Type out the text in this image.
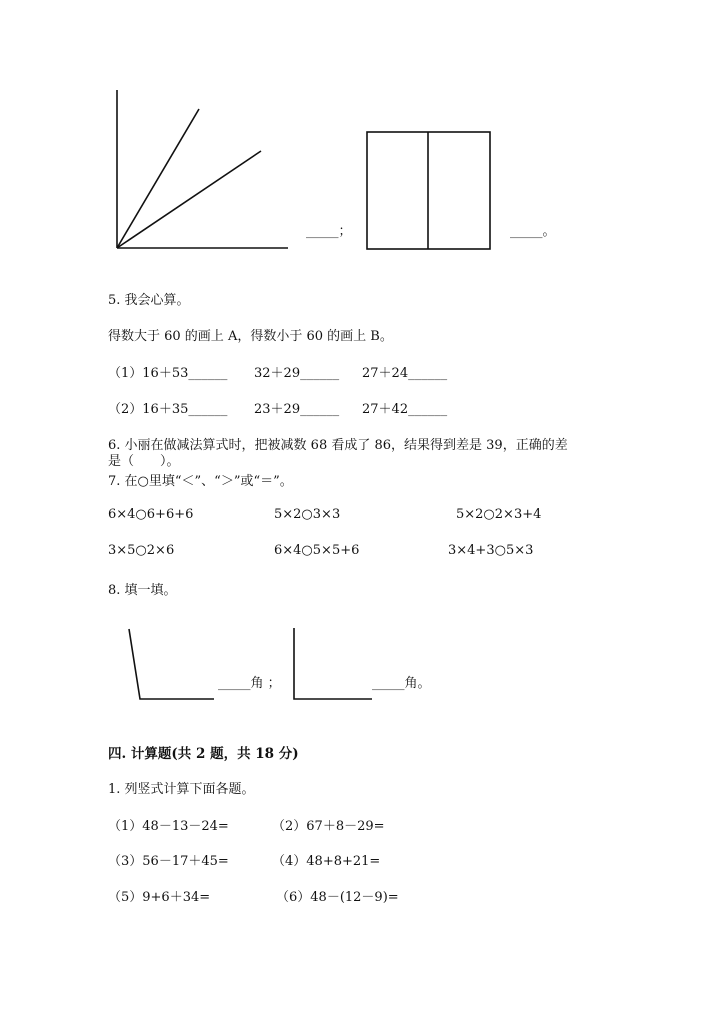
_____；	_____。
5. 我会心算。
得数大于 60 的画上 A，得数小于 60 的画上 B。
（1）16＋53______ 32＋29______ 27＋24______
（2）16＋35______ 23＋29______ 27＋42______
6. 小丽在做减法算式时，把被减数 68 看成了 86，结果得到差是 39，正确的差
是（　　）。
7. 在○里填“＜”、“＞”或“＝”。
6×4○6+6+6	5×2○3×3	5×2○2×3+4
3×5○2×6	6×4○5×5+6	3×4+3○5×3
8. 填一填。
_____角 ；	_____角。
四. 计算题(共 2 题，共 18 分)
1. 列竖式计算下面各题。
（1）48－13－24=	（2）67＋8－29=
（3）56－17＋45=	（4）48+8+21=
（5）9+6＋34=	（6）48－(12－9)=
